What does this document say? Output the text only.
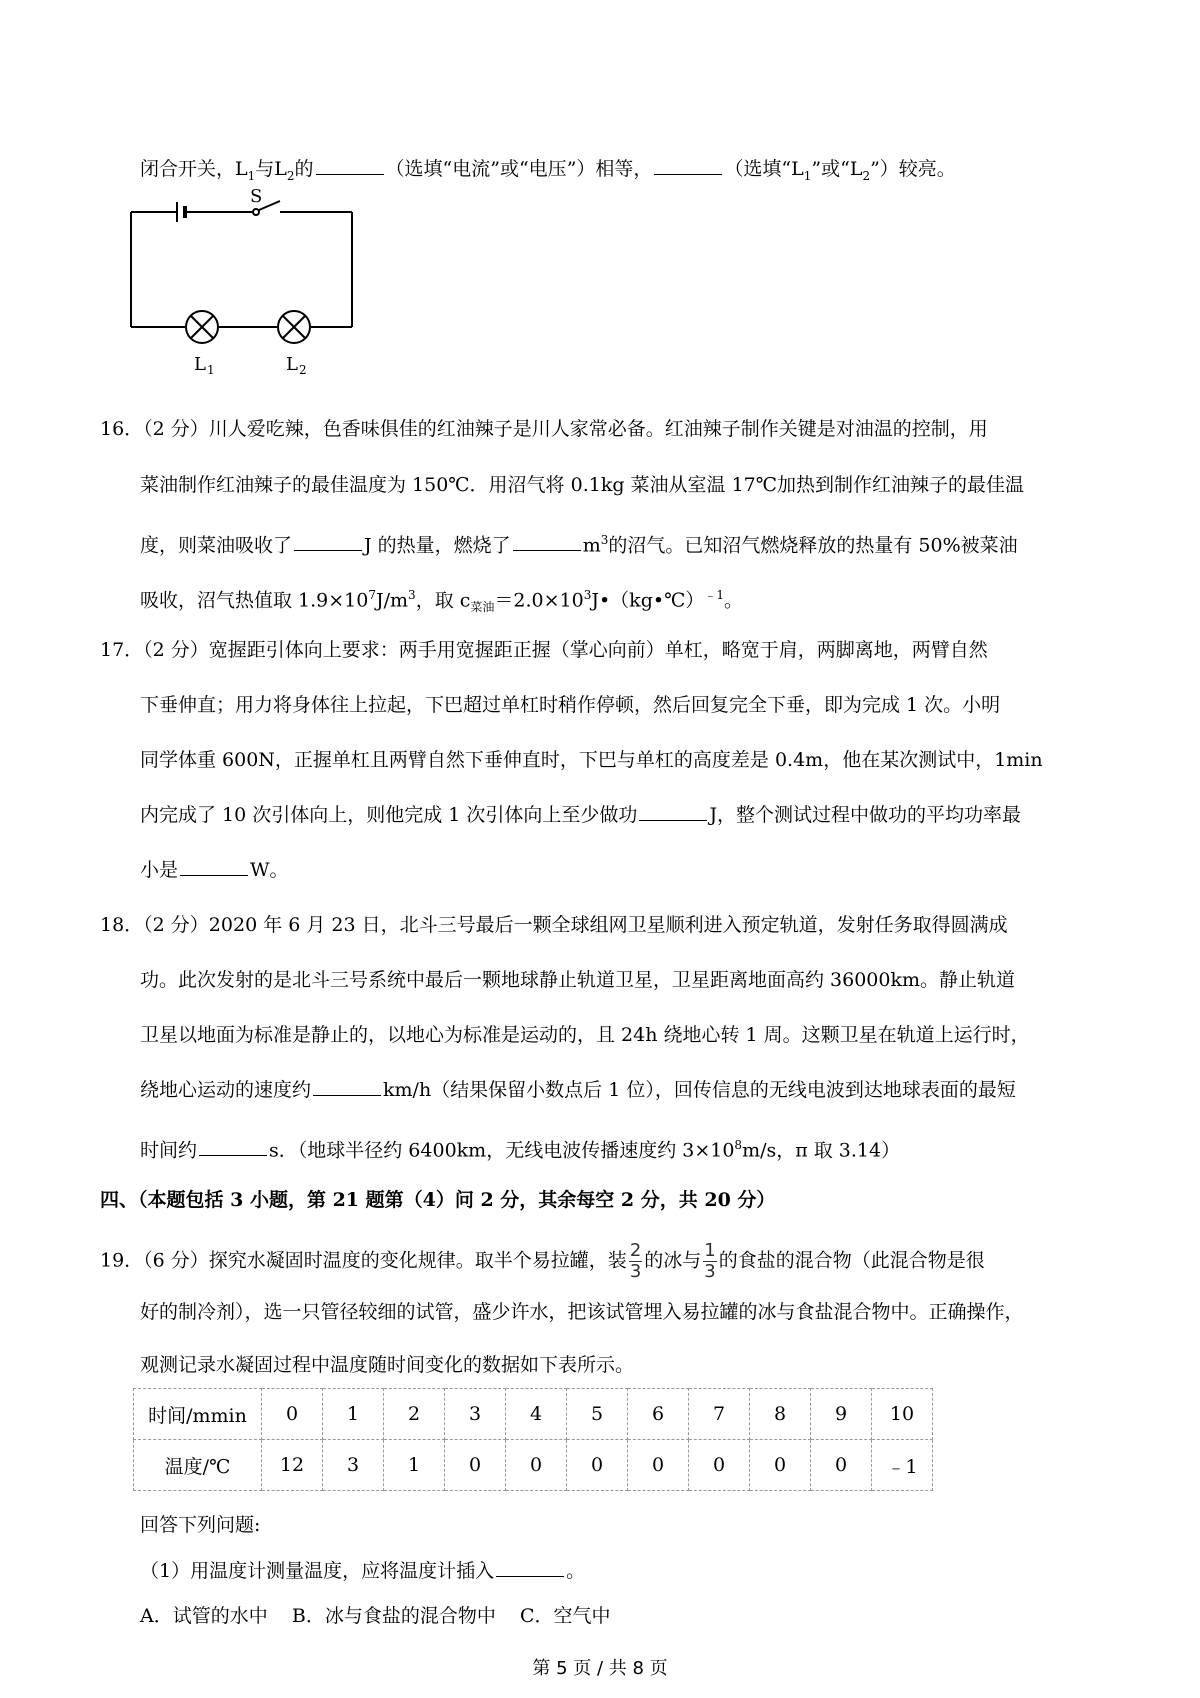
闭合开关，$L_1$与$L_2$的	（选填“电流”或“电压”）相等，	（选填“$L_1$”或“$L_2$”）较亮。
S
L 1	L 2
16．（2 分）川人爱吃辣，色香味俱佳的红油辣子是川人家常必备。红油辣子制作关键是对油温的控制，用
菜油制作红油辣子的最佳温度为 150℃．用沼气将 0.1kg 菜油从室温 17℃加热到制作红油辣子的最佳温
度，则菜油吸收了	J 的热量，燃烧了	$m^3$的沼气。已知沼气燃烧释放的热量有 50%被菜油
吸收，沼气热值取 $1.9\times 10^7J/m^3$，取 $c_{菜油}=2.0\times 10^3J•(kg•℃)^{﹣1}$。
17．（2 分）宽握距引体向上要求：两手用宽握距正握（掌心向前）单杠，略宽于肩，两脚离地，两臂自然
下垂伸直；用力将身体往上拉起，下巴超过单杠时稍作停顿，然后回复完全下垂，即为完成 1 次。小明
同学体重 600N，正握单杠且两臂自然下垂伸直时，下巴与单杠的高度差是 0.4m，他在某次测试中，1min
内完成了 10 次引体向上，则他完成 1 次引体向上至少做功	J，整个测试过程中做功的平均功率最
小是	W。
18．（2 分）2020 年 6 月 23 日，北斗三号最后一颗全球组网卫星顺利进入预定轨道，发射任务取得圆满成
功。此次发射的是北斗三号系统中最后一颗地球静止轨道卫星，卫星距离地面高约 36000km。静止轨道
卫星以地面为标准是静止的，以地心为标准是运动的，且 24h 绕地心转 1 周。这颗卫星在轨道上运行时，
绕地心运动的速度约	km/h（结果保留小数点后 1 位），回传信息的无线电波到达地球表面的最短
时间约	s．（地球半径约 6400km，无线电波传播速度约 $3\times 10^8m/s$，π 取 3.14）
四、（本题包括 3 小题，第 21 题第（4）问 2 分，其余每空 2 分，共 20 分）
19．（6 分）探究水凝固时温度的变化规律。取半个易拉罐，装 $\frac{2}{3}$ 的冰与 $\frac{1}{3}$ 的食盐的混合物（此混合物是很
好的制冷剂），选一只管径较细的试管，盛少许水，把该试管埋入易拉罐的冰与食盐混合物中。正确操作，
观测记录水凝固过程中温度随时间变化的数据如下表所示。
时间/mmin	0	1	2	3	4	5	6	7	8	9	10
温度/℃	12	3	1	0	0	0	0	0	0	0	﹣1
回答下列问题:
（1）用温度计测量温度，应将温度计插入	。
A．试管的水中    B．冰与食盐的混合物中    C．空气中
第 5 页 / 共 8 页
